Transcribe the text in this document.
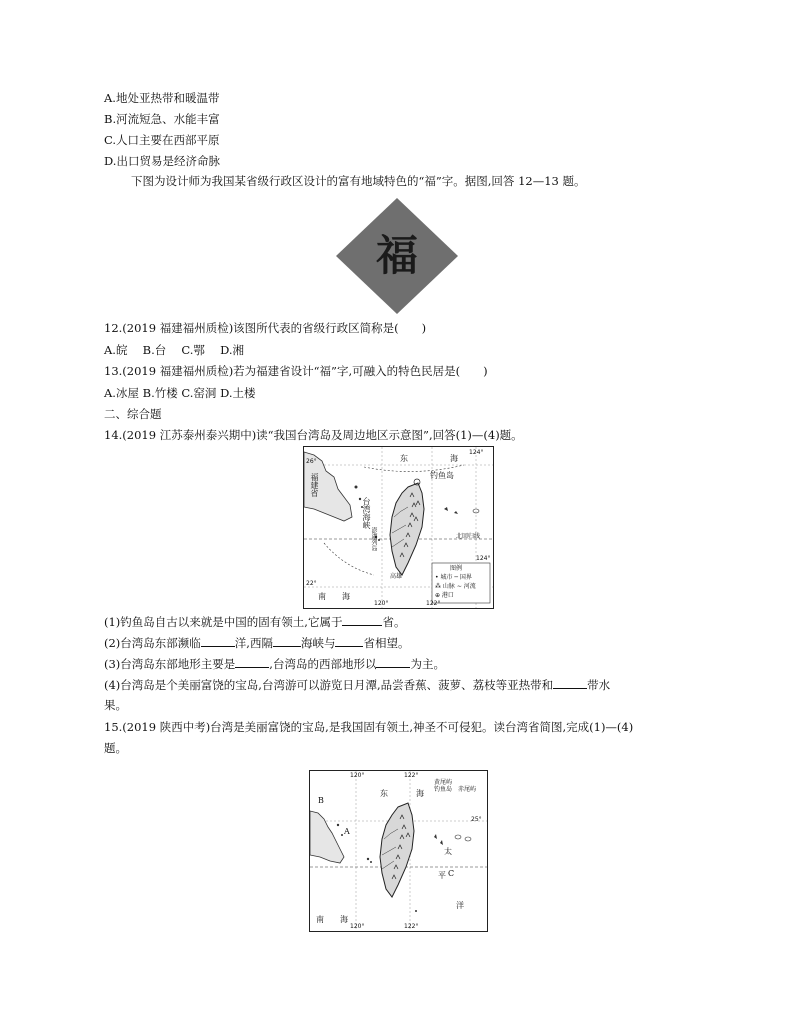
A.地处亚热带和暖温带
B.河流短急、水能丰富
C.人口主要在西部平原
D.出口贸易是经济命脉
下图为设计师为我国某省级行政区设计的富有地域特色的“福”字。据图,回答 12—13 题。
福
12.(2019 福建福州质检)该图所代表的省级行政区简称是(　　)
A.皖　 B.台　 C.鄂　 D.湘
13.(2019 福建福州质检)若为福建省设计“福”字,可融入的特色民居是(　　)
A.冰屋 B.竹楼 C.窑洞 D.土楼
二、综合题
14.(2019 江苏泰州泰兴期中)读“我国台湾岛及周边地区示意图”,回答(1)—(4)题。
26°
22°
120°	122°
124°
124°
东	海
钓鱼岛
福建省
台湾海峡
澎湖列岛
南 海
北回归线
高雄
图例
• 城市 ─ 国界
⁂ 山脉 ∼ 河流
⊕ 港口
(1)钓鱼岛自古以来就是中国的固有领土,它属于	省。
(2)台湾岛东部濒临	洋,西隔 海峡与 省相望。
(3)台湾岛东部地形主要是	,台湾岛的西部地形以	为主。
(4)台湾岛是个美丽富饶的宝岛,台湾游可以游览日月潭,品尝香蕉、菠萝、荔枝等亚热带和	带水
果。
15.(2019 陕西中考)台湾是美丽富饶的宝岛,是我国固有领土,神圣不可侵犯。读台湾省简图,完成(1)—(4)
题。
120°	122°
120°	122°
25°
B
A
C
东	海
黄尾屿
钓鱼岛　赤尾屿
太
平
洋
南 海
